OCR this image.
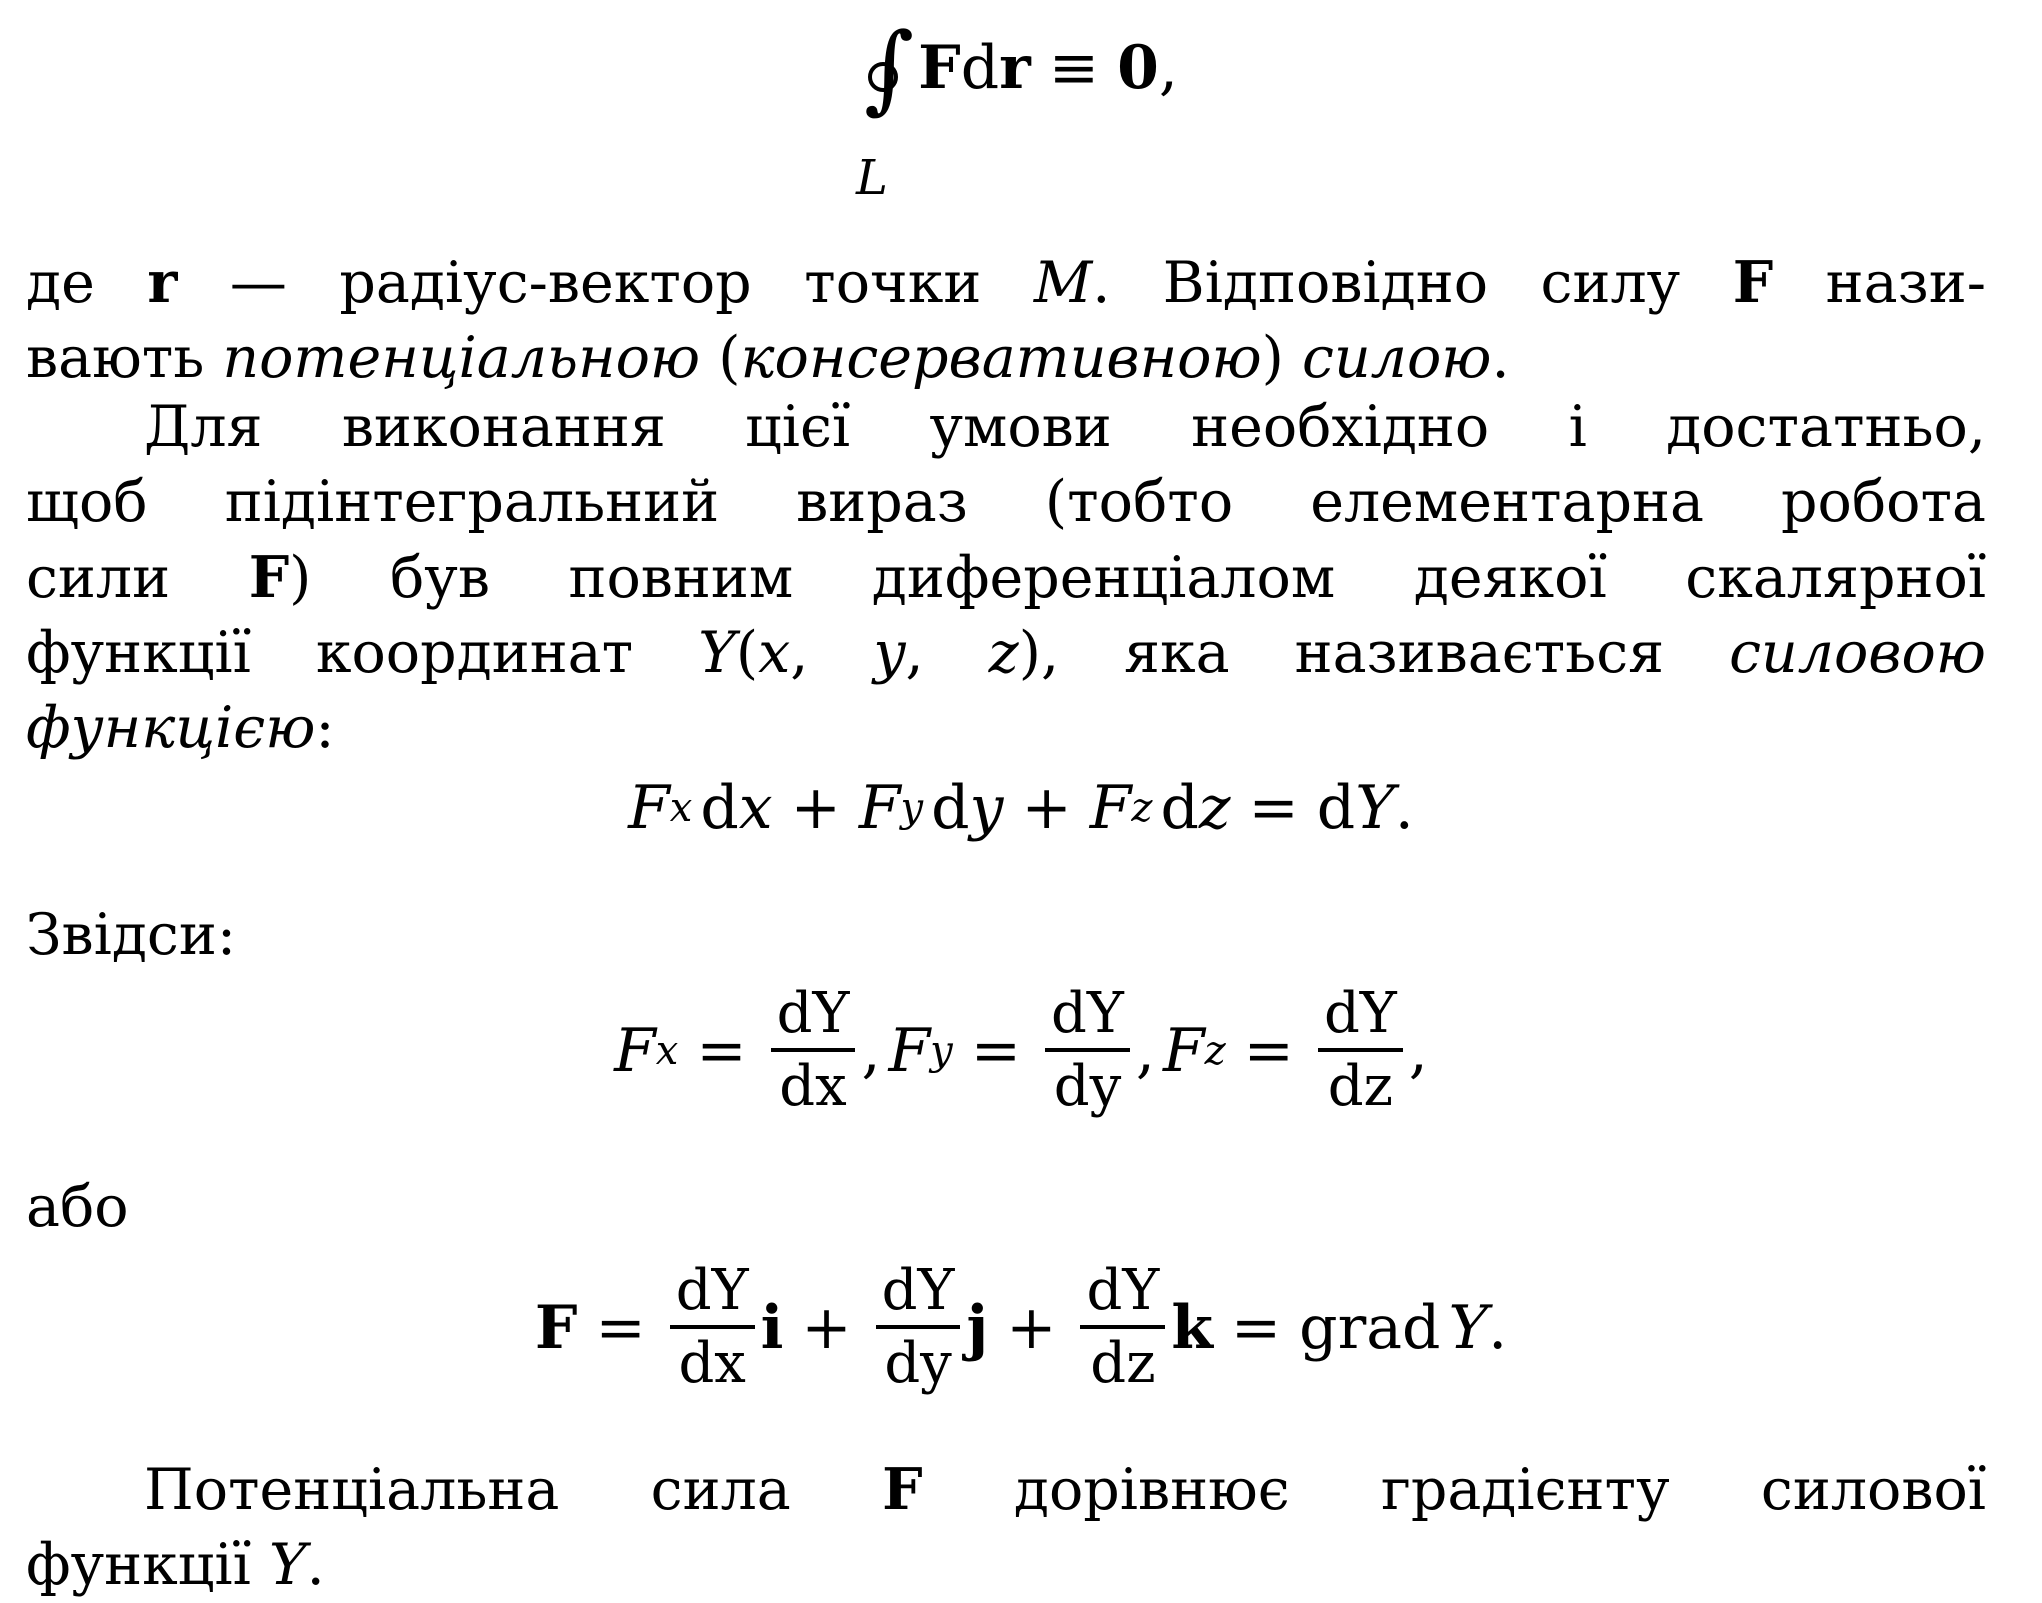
∫ F d r ≡ 0 ,
L
де r — радіус-вектор точки M. Відповідно силу F нази-
вають потенціальною (консервативною) силою.
Для виконання цієї умови необхідно і достатньо,
щоб підінтегральний вираз (тобто елементарна робота
сили F) був повним диференціалом деякої скалярної
функції координат Y(x, y, z), яка називається силовою
функцією:
F x d x + F y d y + F z d z = d Y .
Звідси:
F $x = \frac{dY}{dx}$ , F $y = \frac{dY}{dy}$ , F $z = \frac{dY}{dz}$ ,
або
$F = \frac{dY}{dx}$ $i + \frac{dY}{dy}$ $j + \frac{dY}{dz}$ k = grad Y .
Потенціальна сила F дорівнює градієнту силової
функції Y.
